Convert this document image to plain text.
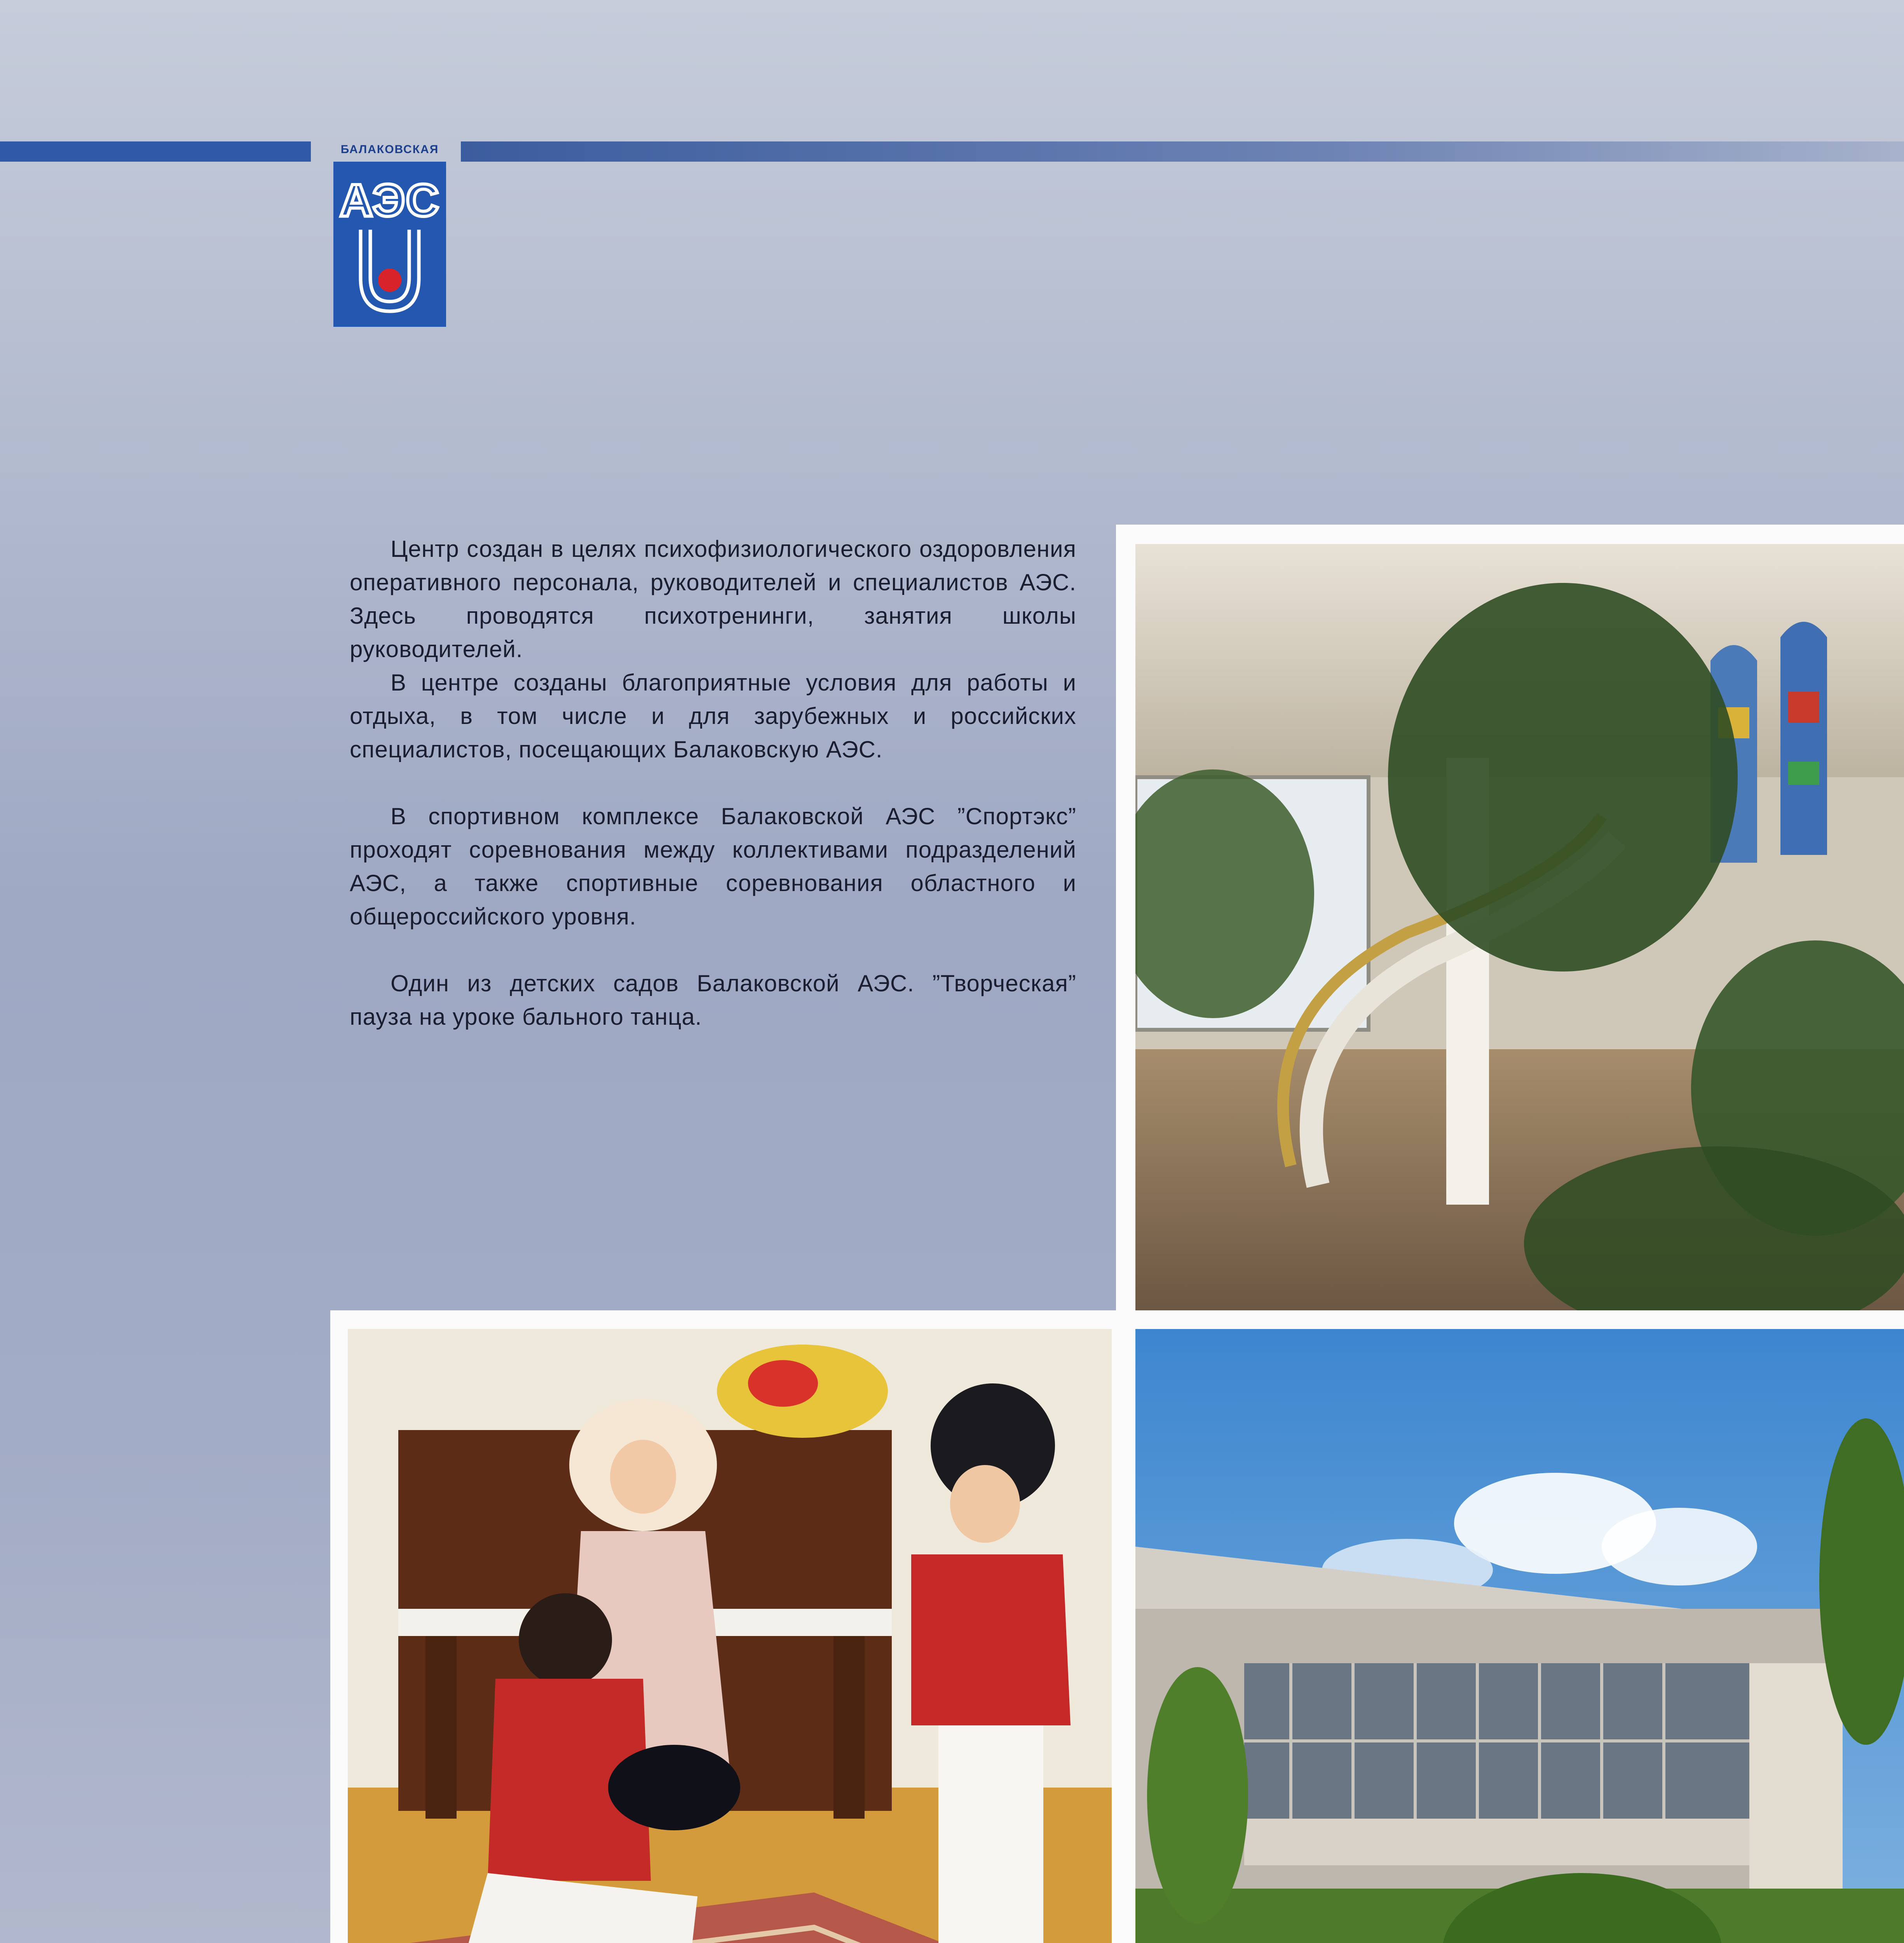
БАЛАКОВСКАЯ
АЭС

Центр создан в целях психофизиологического оздоровления оперативного персонала, руководителей и специалистов АЭС. Здесь проводятся психотренинги, занятия школы руководителей.

В центре созданы благоприятные условия для работы и отдыха, в том числе и для зарубежных и российских специалистов, посещающих Балаковскую АЭС.

В спортивном комплексе Балаковской АЭС ”Спортэкс” проходят соревнования между коллективами подразделений АЭС, а также спортивные соревнования областного и общероссийского уровня.

Один из детских садов Балаковской АЭС. ”Творческая” пауза на уроке бального танца.
